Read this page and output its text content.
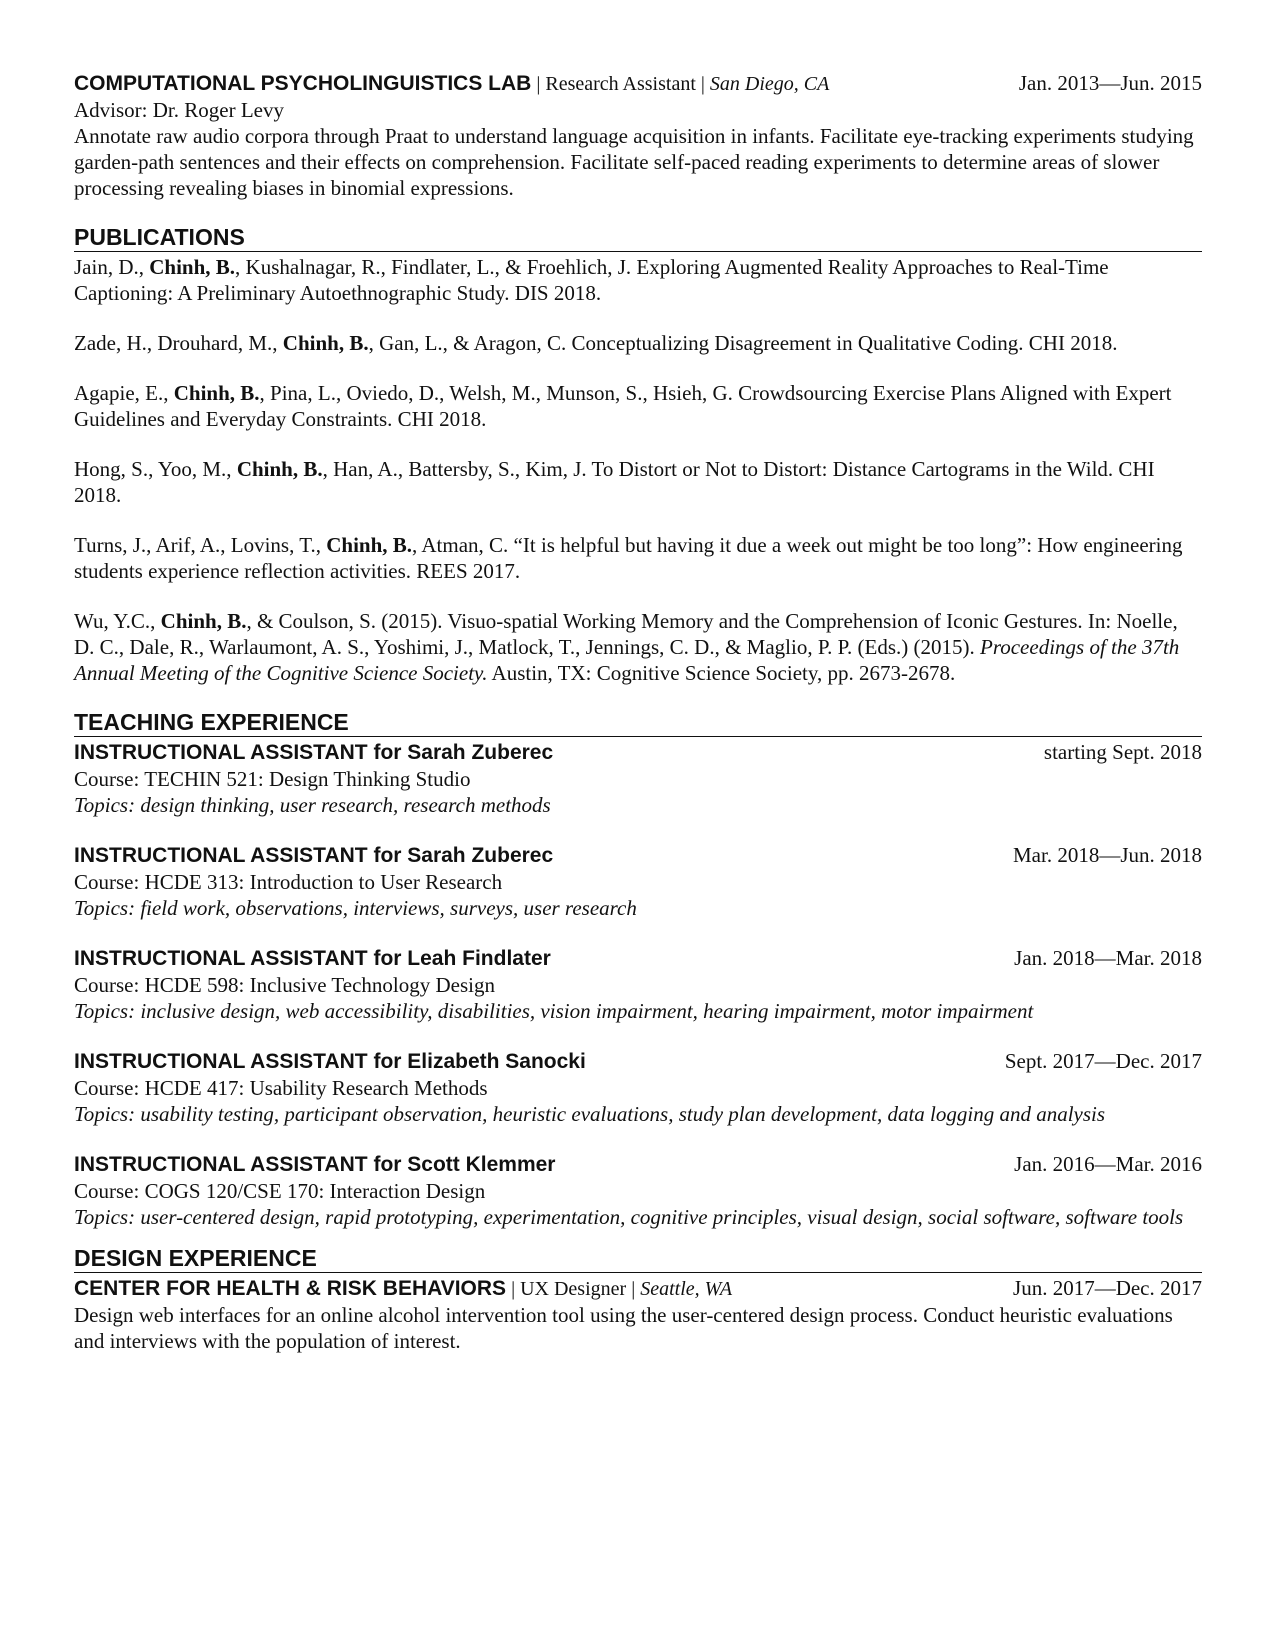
COMPUTATIONAL PSYCHOLINGUISTICS LAB | Research Assistant | San Diego, CA	Jan. 2013—Jun. 2015

Advisor: Dr. Roger Levy

Annotate raw audio corpora through Praat to understand language acquisition in infants. Facilitate eye-tracking experiments studying garden-path sentences and their effects on comprehension. Facilitate self-paced reading experiments to determine areas of slower processing revealing biases in binomial expressions.

PUBLICATIONS

Jain, D., Chinh, B., Kushalnagar, R., Findlater, L., & Froehlich, J. Exploring Augmented Reality Approaches to Real-Time Captioning: A Preliminary Autoethnographic Study. DIS 2018.

Zade, H., Drouhard, M., Chinh, B., Gan, L., & Aragon, C. Conceptualizing Disagreement in Qualitative Coding. CHI 2018.

Agapie, E., Chinh, B., Pina, L., Oviedo, D., Welsh, M., Munson, S., Hsieh, G. Crowdsourcing Exercise Plans Aligned with Expert Guidelines and Everyday Constraints. CHI 2018.

Hong, S., Yoo, M., Chinh, B., Han, A., Battersby, S., Kim, J. To Distort or Not to Distort: Distance Cartograms in the Wild. CHI 2018.

Turns, J., Arif, A., Lovins, T., Chinh, B., Atman, C. “It is helpful but having it due a week out might be too long”: How engineering students experience reflection activities. REES 2017.

Wu, Y.C., Chinh, B., & Coulson, S. (2015). Visuo-spatial Working Memory and the Comprehension of Iconic Gestures. In: Noelle, D. C., Dale, R., Warlaumont, A. S., Yoshimi, J., Matlock, T., Jennings, C. D., & Maglio, P. P. (Eds.) (2015). Proceedings of the 37th Annual Meeting of the Cognitive Science Society. Austin, TX: Cognitive Science Society, pp. 2673-2678.

TEACHING EXPERIENCE
INSTRUCTIONAL ASSISTANT for Sarah Zuberec	starting Sept. 2018
Course: TECHIN 521: Design Thinking Studio
Topics: design thinking, user research, research methods
INSTRUCTIONAL ASSISTANT for Sarah Zuberec	Mar. 2018—Jun. 2018
Course: HCDE 313: Introduction to User Research
Topics: field work, observations, interviews, surveys, user research
INSTRUCTIONAL ASSISTANT for Leah Findlater	Jan. 2018—Mar. 2018
Course: HCDE 598: Inclusive Technology Design
Topics: inclusive design, web accessibility, disabilities, vision impairment, hearing impairment, motor impairment
INSTRUCTIONAL ASSISTANT for Elizabeth Sanocki	Sept. 2017—Dec. 2017
Course: HCDE 417: Usability Research Methods
Topics: usability testing, participant observation, heuristic evaluations, study plan development, data logging and analysis
INSTRUCTIONAL ASSISTANT for Scott Klemmer	Jan. 2016—Mar. 2016
Course: COGS 120/CSE 170: Interaction Design
Topics: user-centered design, rapid prototyping, experimentation, cognitive principles, visual design, social software, software tools
DESIGN EXPERIENCE
CENTER FOR HEALTH & RISK BEHAVIORS | UX Designer | Seattle, WA	Jun. 2017—Dec. 2017

Design web interfaces for an online alcohol intervention tool using the user-centered design process. Conduct heuristic evaluations and interviews with the population of interest.
